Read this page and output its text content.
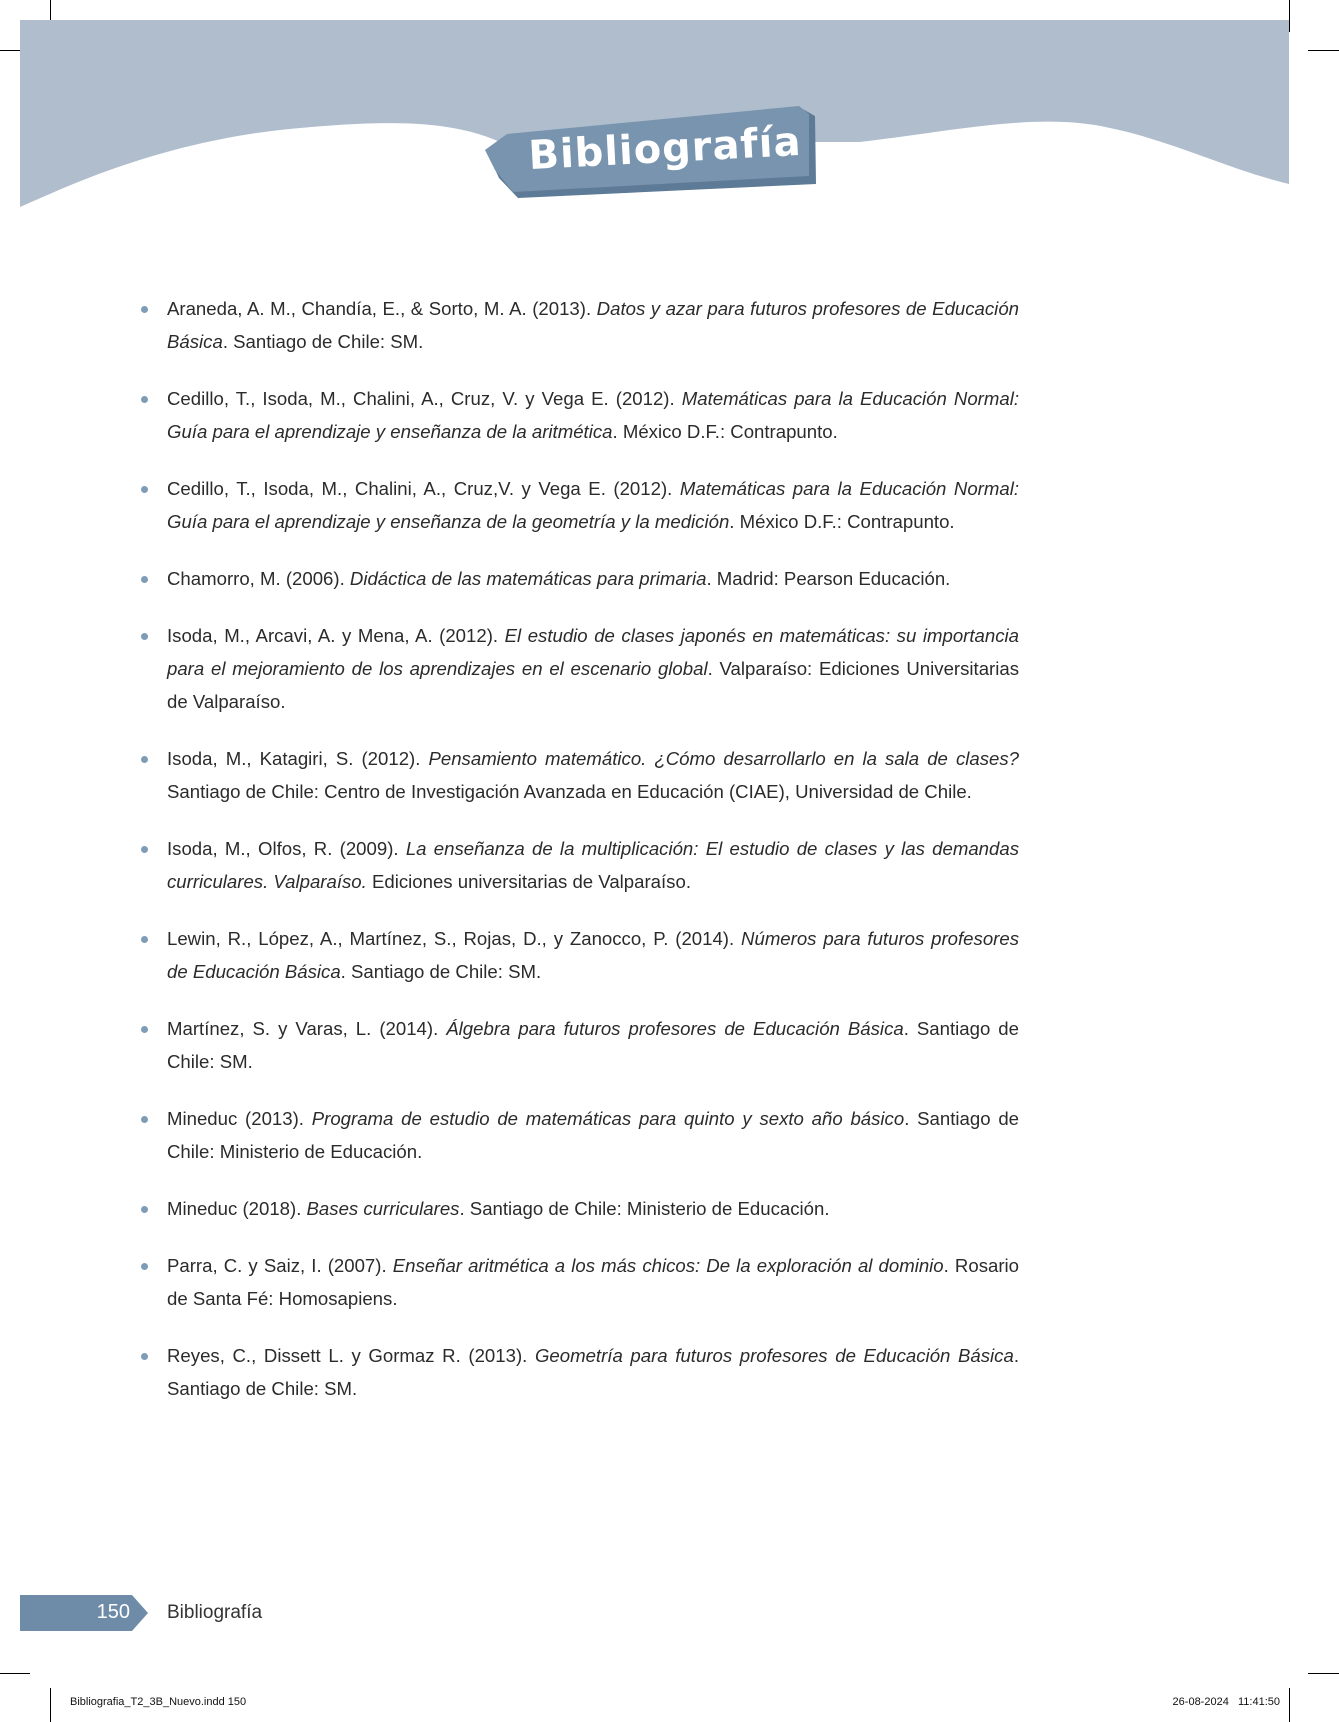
Bibliografía
Araneda, A. M., Chandía, E., & Sorto, M. A. (2013). Datos y azar para futuros profesores de Educación Básica. Santiago de Chile: SM.
Cedillo, T., Isoda, M., Chalini, A., Cruz, V. y Vega E. (2012). Matemáticas para la Educación Normal: Guía para el aprendizaje y enseñanza de la aritmética. México D.F.: Contrapunto.
Cedillo, T., Isoda, M., Chalini, A., Cruz,V. y Vega E. (2012). Matemáticas para la Educación Normal: Guía para el aprendizaje y enseñanza de la geometría y la medición. México D.F.: Contrapunto.
Chamorro, M. (2006). Didáctica de las matemáticas para primaria. Madrid: Pearson Educación.
Isoda, M., Arcavi, A. y Mena, A. (2012). El estudio de clases japonés en matemáticas: su importancia para el mejoramiento de los aprendizajes en el escenario global. Valparaíso: Ediciones Universitarias de Valparaíso.
Isoda, M., Katagiri, S. (2012). Pensamiento matemático. ¿Cómo desarrollarlo en la sala de clases? Santiago de Chile: Centro de Investigación Avanzada en Educación (CIAE), Universidad de Chile.
Isoda, M., Olfos, R. (2009). La enseñanza de la multiplicación: El estudio de clases y las demandas curriculares. Valparaíso. Ediciones universitarias de Valparaíso.
Lewin, R., López, A., Martínez, S., Rojas, D., y Zanocco, P. (2014). Números para futuros profesores de Educación Básica. Santiago de Chile: SM.
Martínez, S. y Varas, L. (2014). Álgebra para futuros profesores de Educación Básica. Santiago de Chile: SM.
Mineduc (2013). Programa de estudio de matemáticas para quinto y sexto año básico. Santiago de Chile: Ministerio de Educación.
Mineduc (2018). Bases curriculares. Santiago de Chile: Ministerio de Educación.
Parra, C. y Saiz, I. (2007). Enseñar aritmética a los más chicos: De la exploración al dominio. Rosario de Santa Fé: Homosapiens.
Reyes, C., Dissett L. y Gormaz R. (2013). Geometría para futuros profesores de Educación Básica. Santiago de Chile: SM.
150 Bibliografía
Bibliografia_T2_3B_Nuevo.indd 150	26-08-2024   11:41:50
